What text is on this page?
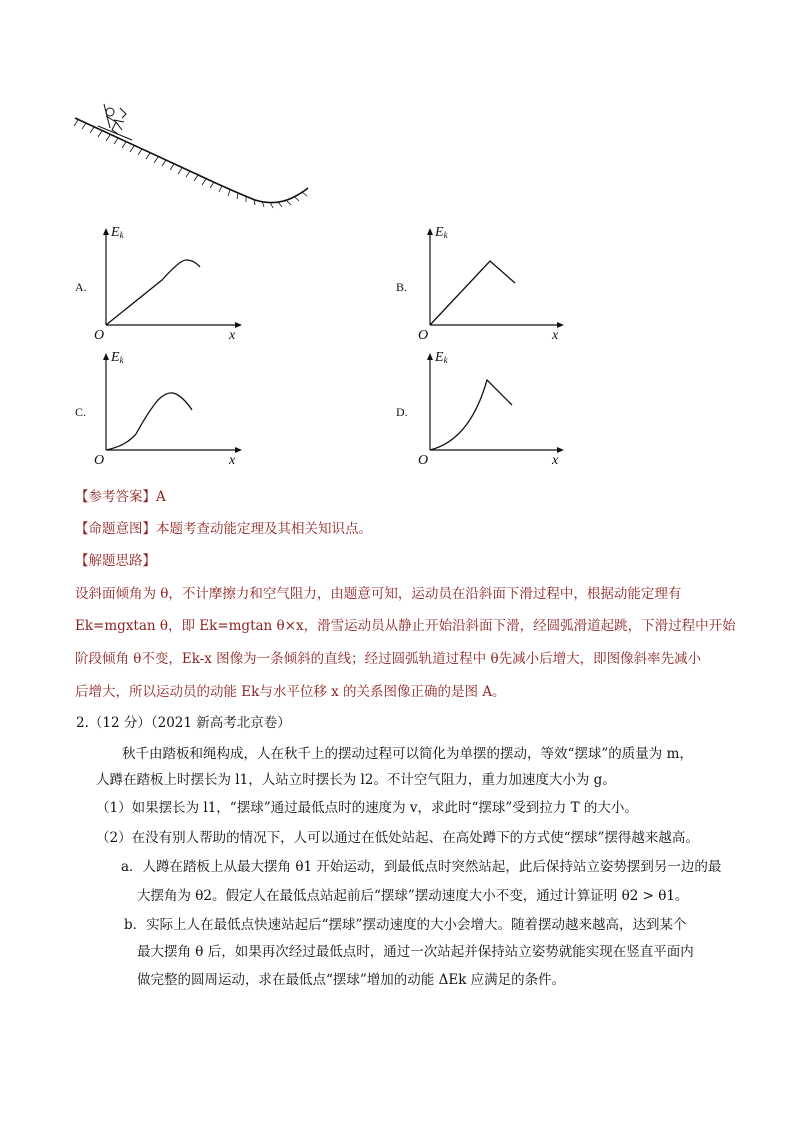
A.
O	x
$E_k$
B.
O	x
$E_k$
C.
O	x
$E_k$
D.
O	x
$E_k$
【参考答案】A
【命题意图】本题考查动能定理及其相关知识点。
【解题思路】
设斜面倾角为 θ，不计摩擦力和空气阻力，由题意可知，运动员在沿斜面下滑过程中，根据动能定理有
Ek=mgxtan θ，即 Ek=mgtan θ×x，滑雪运动员从静止开始沿斜面下滑，经圆弧滑道起跳，下滑过程中开始
阶段倾角 θ不变，Ek-x 图像为一条倾斜的直线；经过圆弧轨道过程中 θ先减小后增大，即图像斜率先减小
后增大，所以运动员的动能 Ek与水平位移 x 的关系图像正确的是图 A。
2.（12 分）（2021 新高考北京卷）
秋千由踏板和绳构成，人在秋千上的摆动过程可以简化为单摆的摆动，等效“摆球”的质量为 m，
人蹲在踏板上时摆长为 l1，人站立时摆长为 l2。不计空气阻力，重力加速度大小为 g。
（1）如果摆长为 l1，“摆球”通过最低点时的速度为 v，求此时“摆球”受到拉力 T 的大小。
（2）在没有别人帮助的情况下，人可以通过在低处站起、在高处蹲下的方式使“摆球”摆得越来越高。
a．人蹲在踏板上从最大摆角 θ1 开始运动，到最低点时突然站起，此后保持站立姿势摆到另一边的最
大摆角为 θ2。假定人在最低点站起前后“摆球”摆动速度大小不变，通过计算证明 θ2 > θ1。
b．实际上人在最低点快速站起后“摆球”摆动速度的大小会增大。随着摆动越来越高，达到某个
最大摆角 θ 后，如果再次经过最低点时，通过一次站起并保持站立姿势就能实现在竖直平面内
做完整的圆周运动，求在最低点“摆球”增加的动能 ΔEk 应满足的条件。
